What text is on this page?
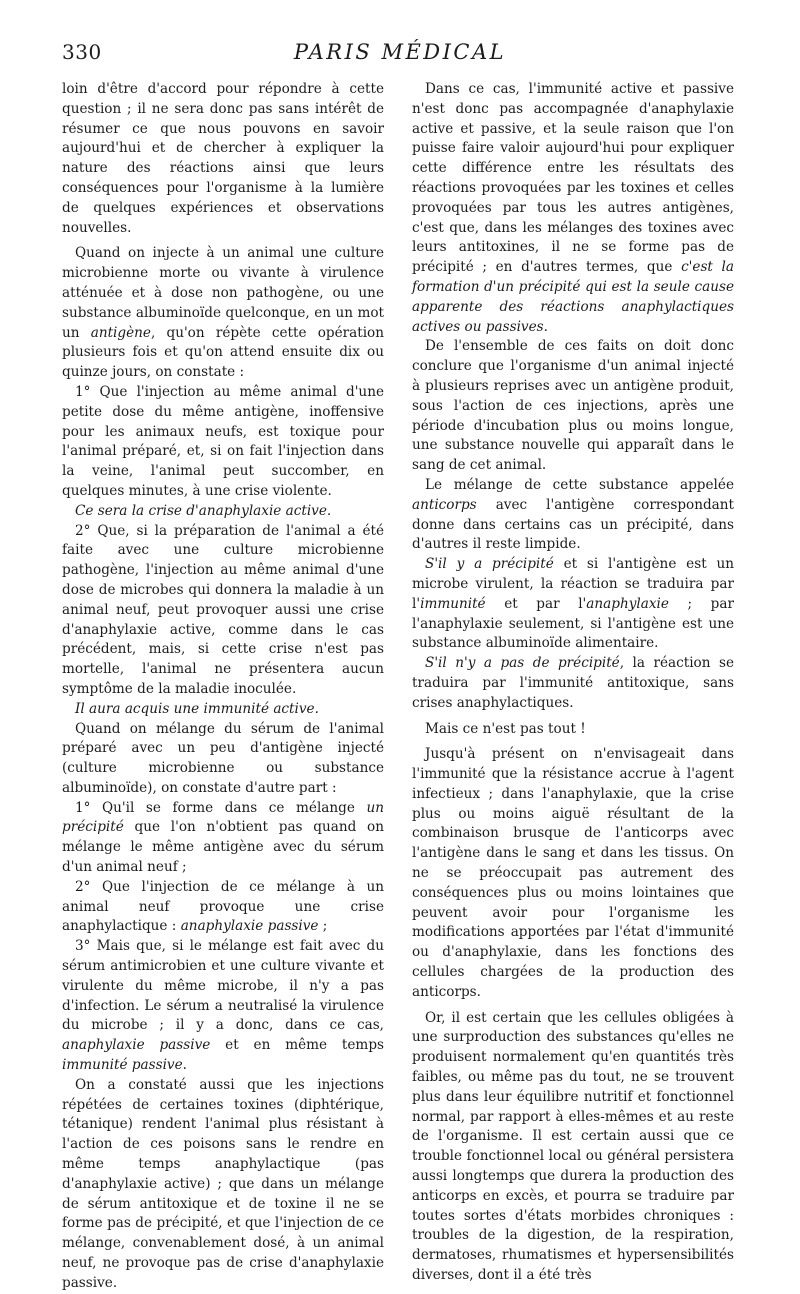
330	PARIS MÉDICAL

loin d'être d'accord pour répondre à cette question ; il ne sera donc pas sans intérêt de résumer ce que nous pouvons en savoir aujourd'hui et de chercher à expliquer la nature des réactions ainsi que leurs conséquences pour l'organisme à la lumière de quelques expériences et observations nouvelles.

Quand on injecte à un animal une culture microbienne morte ou vivante à virulence atténuée et à dose non pathogène, ou une substance albuminoïde quelconque, en un mot un antigène, qu'on répète cette opération plusieurs fois et qu'on attend ensuite dix ou quinze jours, on constate :

1° Que l'injection au même animal d'une petite dose du même antigène, inoffensive pour les animaux neufs, est toxique pour l'animal préparé, et, si on fait l'injection dans la veine, l'animal peut succomber, en quelques minutes, à une crise violente.

Ce sera la crise d'anaphylaxie active.

2° Que, si la préparation de l'animal a été faite avec une culture microbienne pathogène, l'injection au même animal d'une dose de microbes qui donnera la maladie à un animal neuf, peut provoquer aussi une crise d'anaphylaxie active, comme dans le cas précédent, mais, si cette crise n'est pas mortelle, l'animal ne présentera aucun symptôme de la maladie inoculée.

Il aura acquis une immunité active.

Quand on mélange du sérum de l'animal préparé avec un peu d'antigène injecté (culture microbienne ou substance albuminoïde), on constate d'autre part :

1° Qu'il se forme dans ce mélange un précipité que l'on n'obtient pas quand on mélange le même antigène avec du sérum d'un animal neuf ;

2° Que l'injection de ce mélange à un animal neuf provoque une crise anaphylactique : anaphylaxie passive ;

3° Mais que, si le mélange est fait avec du sérum antimicrobien et une culture vivante et virulente du même microbe, il n'y a pas d'infection. Le sérum a neutralisé la virulence du microbe ; il y a donc, dans ce cas, anaphylaxie passive et en même temps immunité passive.

On a constaté aussi que les injections répétées de certaines toxines (diphtérique, tétanique) rendent l'animal plus résistant à l'action de ces poisons sans le rendre en même temps anaphylactique (pas d'anaphylaxie active) ; que dans un mélange de sérum antitoxique et de toxine il ne se forme pas de précipité, et que l'injection de ce mélange, convenablement dosé, à un animal neuf, ne provoque pas de crise d'anaphylaxie passive.

Dans ce cas, l'immunité active et passive n'est donc pas accompagnée d'anaphylaxie active et passive, et la seule raison que l'on puisse faire valoir aujourd'hui pour expliquer cette différence entre les résultats des réactions provoquées par les toxines et celles provoquées par tous les autres antigènes, c'est que, dans les mélanges des toxines avec leurs antitoxines, il ne se forme pas de précipité ; en d'autres termes, que c'est la formation d'un précipité qui est la seule cause apparente des réactions anaphylactiques actives ou passives.

De l'ensemble de ces faits on doit donc conclure que l'organisme d'un animal injecté à plusieurs reprises avec un antigène produit, sous l'action de ces injections, après une période d'incubation plus ou moins longue, une substance nouvelle qui apparaît dans le sang de cet animal.

Le mélange de cette substance appelée anticorps avec l'antigène correspondant donne dans certains cas un précipité, dans d'autres il reste limpide.

S'il y a précipité et si l'antigène est un microbe virulent, la réaction se traduira par l'immunité et par l'anaphylaxie ; par l'anaphylaxie seulement, si l'antigène est une substance albuminoïde alimentaire.

S'il n'y a pas de précipité, la réaction se traduira par l'immunité antitoxique, sans crises anaphylactiques.

Mais ce n'est pas tout !

Jusqu'à présent on n'envisageait dans l'immunité que la résistance accrue à l'agent infectieux ; dans l'anaphylaxie, que la crise plus ou moins aiguë résultant de la combinaison brusque de l'anticorps avec l'antigène dans le sang et dans les tissus. On ne se préoccupait pas autrement des conséquences plus ou moins lointaines que peuvent avoir pour l'organisme les modifications apportées par l'état d'immunité ou d'anaphylaxie, dans les fonctions des cellules chargées de la production des anticorps.

Or, il est certain que les cellules obligées à une surproduction des substances qu'elles ne produisent normalement qu'en quantités très faibles, ou même pas du tout, ne se trouvent plus dans leur équilibre nutritif et fonctionnel normal, par rapport à elles-mêmes et au reste de l'organisme. Il est certain aussi que ce trouble fonctionnel local ou général persistera aussi longtemps que durera la production des anticorps en excès, et pourra se traduire par toutes sortes d'états morbides chroniques : troubles de la digestion, de la respiration, dermatoses, rhumatismes et hypersensibilités diverses, dont il a été très
